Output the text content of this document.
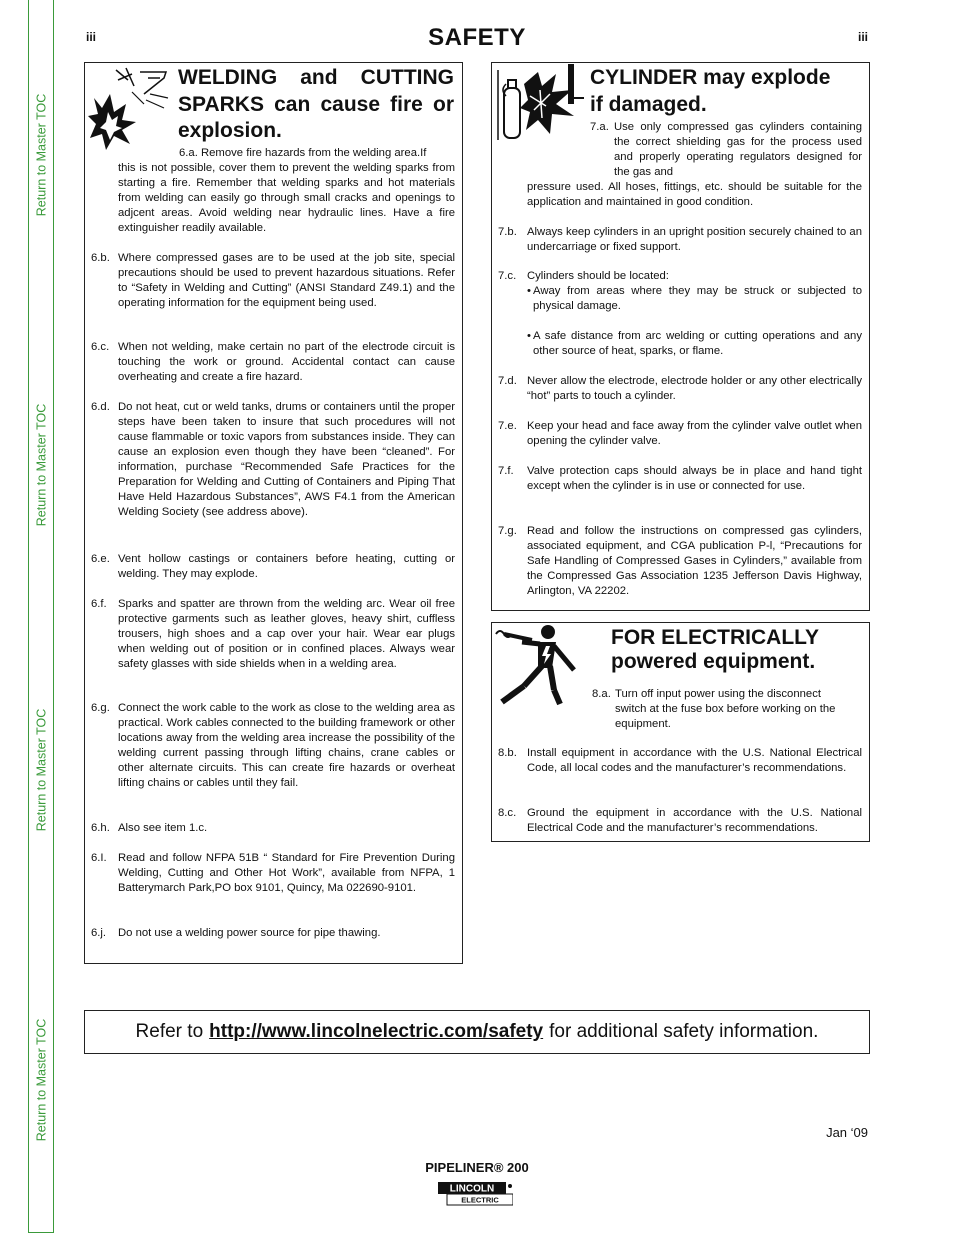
Return to Master TOC
Return to Master TOC
Return to Master TOC
Return to Master TOC
iii	iii
SAFETY
WELDING and CUTTING
SPARKS can cause fire or
explosion.
6.a. Remove fire hazards from the welding area.If
this is not possible, cover them to prevent the welding sparks from starting a fire. Remember that welding sparks and hot materials from welding can easily go through small cracks and openings to adjcent areas. Avoid welding near hydraulic lines. Have a fire extinguisher readily available.
6.b. Where compressed gases are to be used at the job site, special precautions should be used to prevent hazardous situations. Refer to “Safety in Welding and Cutting” (ANSI Standard Z49.1) and the operating information for the equipment being used.
6.c. When not welding, make certain no part of the electrode circuit is touching the work or ground. Accidental contact can cause overheating and create a fire hazard.
6.d. Do not heat, cut or weld tanks, drums or containers until the proper steps have been taken to insure that such procedures will not cause flammable or toxic vapors from substances inside. They can cause an explosion even though they have been “cleaned”. For information, purchase “Recommended Safe Practices for the Preparation for Welding and Cutting of Containers and Piping That Have Held Hazardous Substances”, AWS F4.1 from the American Welding Society (see address above).
6.e. Vent hollow castings or containers before heating, cutting or welding. They may explode.
6.f. Sparks and spatter are thrown from the welding arc. Wear oil free protective garments such as leather gloves, heavy shirt, cuffless trousers, high shoes and a cap over your hair. Wear ear plugs when welding out of position or in confined places. Always wear safety glasses with side shields when in a welding area.
6.g. Connect the work cable to the work as close to the welding area as practical. Work cables connected to the building framework or other locations away from the welding area increase the possibility of the welding current passing through lifting chains, crane cables or other alternate circuits. This can create fire hazards or overheat lifting chains or cables until they fail.
6.h. Also see item 1.c.
6.I. Read and follow NFPA 51B “ Standard for Fire Prevention During Welding, Cutting and Other Hot Work”, available from NFPA, 1 Batterymarch Park,PO box 9101, Quincy, Ma 022690-9101.
6.j. Do not use a welding power source for pipe thawing.
CYLINDER may explode
if damaged.
7.a. Use only compressed gas cylinders containing the correct shielding gas for the process used and properly operating regulators designed for the gas and
pressure used. All hoses, fittings, etc. should be suitable for the application and maintained in good condition.
7.b. Always keep cylinders in an upright position securely chained to an undercarriage or fixed support.
7.c. Cylinders should be located:
• Away from areas where they may be struck or subjected to physical damage.
• A safe distance from arc welding or cutting operations and any other source of heat, sparks, or flame.
7.d. Never allow the electrode, electrode holder or any other electrically “hot” parts to touch a cylinder.
7.e. Keep your head and face away from the cylinder valve outlet when opening the cylinder valve.
7.f. Valve protection caps should always be in place and hand tight except when the cylinder is in use or connected for use.
7.g. Read and follow the instructions on compressed gas cylinders, associated equipment, and CGA publication P-l, “Precautions for Safe Handling of Compressed Gases in Cylinders,” available from the Compressed Gas Association 1235 Jefferson Davis Highway, Arlington, VA 22202.
FOR ELECTRICALLY
powered equipment.
8.a. Turn off input power using the disconnect switch at the fuse box before working on the equipment.
8.b. Install equipment in accordance with the U.S. National Electrical Code, all local codes and the manufacturer’s recommendations.
8.c. Ground the equipment in accordance with the U.S. National Electrical Code and the manufacturer’s recommendations.
Refer to http://www.lincolnelectric.com/safety for additional safety information.
Jan ‘09
PIPELINER® 200
LINCOLN
ELECTRIC
